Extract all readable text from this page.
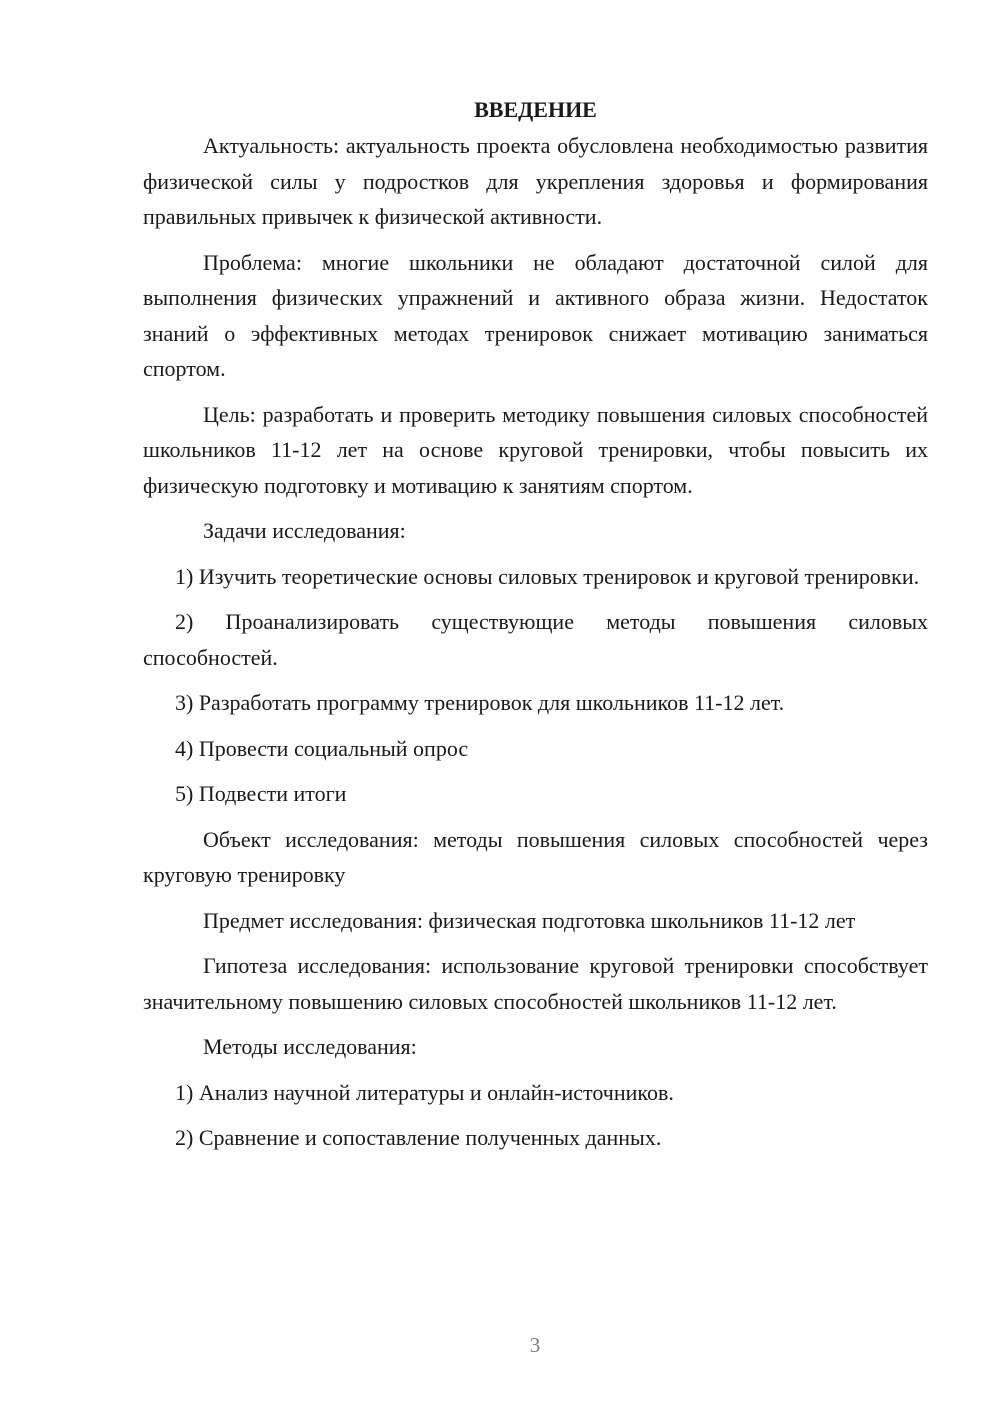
ВВЕДЕНИЕ

Актуальность: актуальность проекта обусловлена необходимостью развития физической силы у подростков для укрепления здоровья и формирования правильных привычек к физической активности.

Проблема: многие школьники не обладают достаточной силой для выполнения физических упражнений и активного образа жизни. Недостаток знаний о эффективных методах тренировок снижает мотивацию заниматься спортом.

Цель: разработать и проверить методику повышения силовых способностей школьников 11-12 лет на основе круговой тренировки, чтобы повысить их физическую подготовку и мотивацию к занятиям спортом.

Задачи исследования:

1) Изучить теоретические основы силовых тренировок и круговой тренировки.

2) Проанализировать существующие методы повышения силовых способностей.

3) Разработать программу тренировок для школьников 11-12 лет.

4) Провести социальный опрос

5) Подвести итоги

Объект исследования: методы повышения силовых способностей через круговую тренировку

Предмет исследования: физическая подготовка школьников 11-12 лет

Гипотеза исследования: использование круговой тренировки способствует значительному повышению силовых способностей школьников 11-12 лет.

Методы исследования:

1) Анализ научной литературы и онлайн-источников.

2) Сравнение и сопоставление полученных данных.

3
